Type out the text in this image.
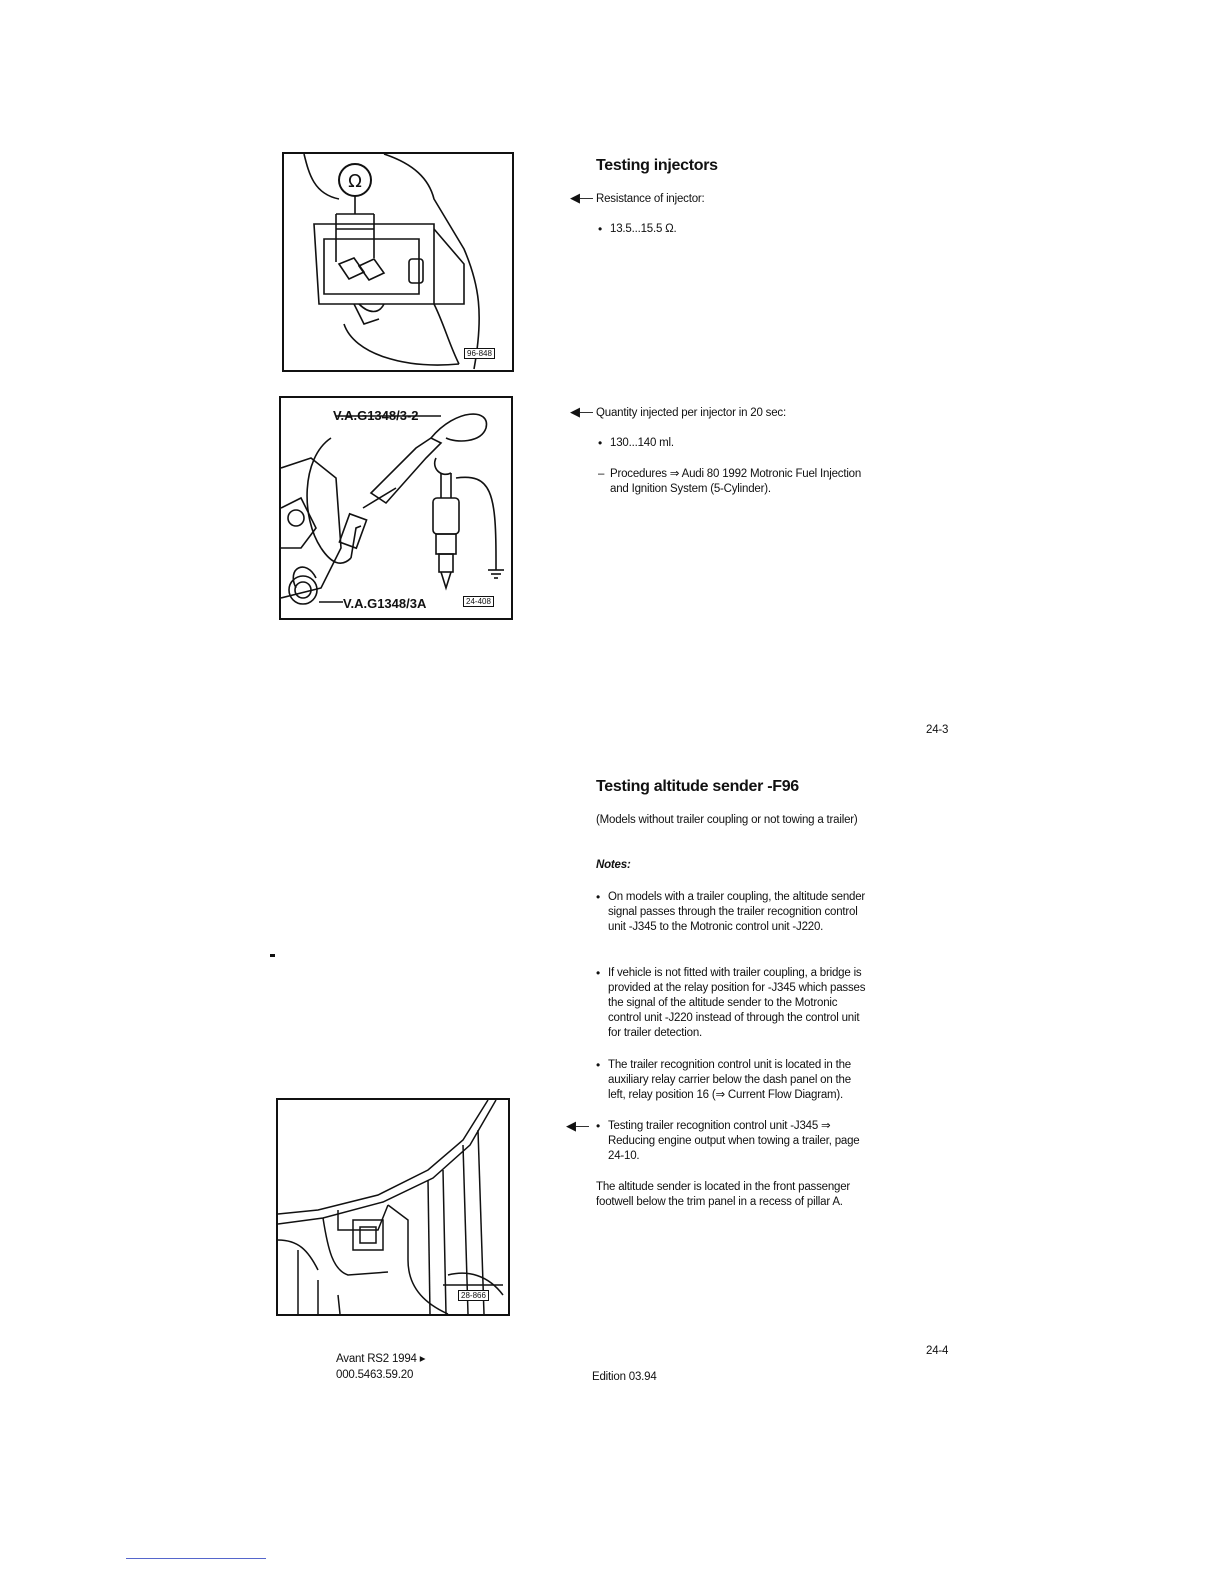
Ω
96-848
V.A.G1348/3-2
V.A.G1348/3A	24-408
Testing injectors
◀— Resistance of injector:
• 13.5...15.5 Ω.
◀— Quantity injected per injector in 20 sec:
• 130...140 ml.
– Procedures ⇒ Audi 80 1992 Motronic Fuel Injection and Ignition System (5-Cylinder).
24-3
Testing altitude sender -F96
(Models without trailer coupling or not towing a trailer)
Notes:
• On models with a trailer coupling, the altitude sender signal passes through the trailer recognition control unit -J345 to the Motronic control unit -J220.
• If vehicle is not fitted with trailer coupling, a bridge is provided at the relay position for -J345 which passes the signal of the altitude sender to the Motronic control unit -J220 instead of through the control unit for trailer detection.
• The trailer recognition control unit is located in the auxiliary relay carrier below the dash panel on the left, relay position 16 (⇒ Current Flow Diagram).
◀—
• Testing trailer recognition control unit -J345 ⇒ Reducing engine output when towing a trailer, page 24-10.
The altitude sender is located in the front passenger footwell below the trim panel in a recess of pillar A.
28-866
24-4
Avant RS2 1994 ▸
000.5463.59.20	Edition 03.94
